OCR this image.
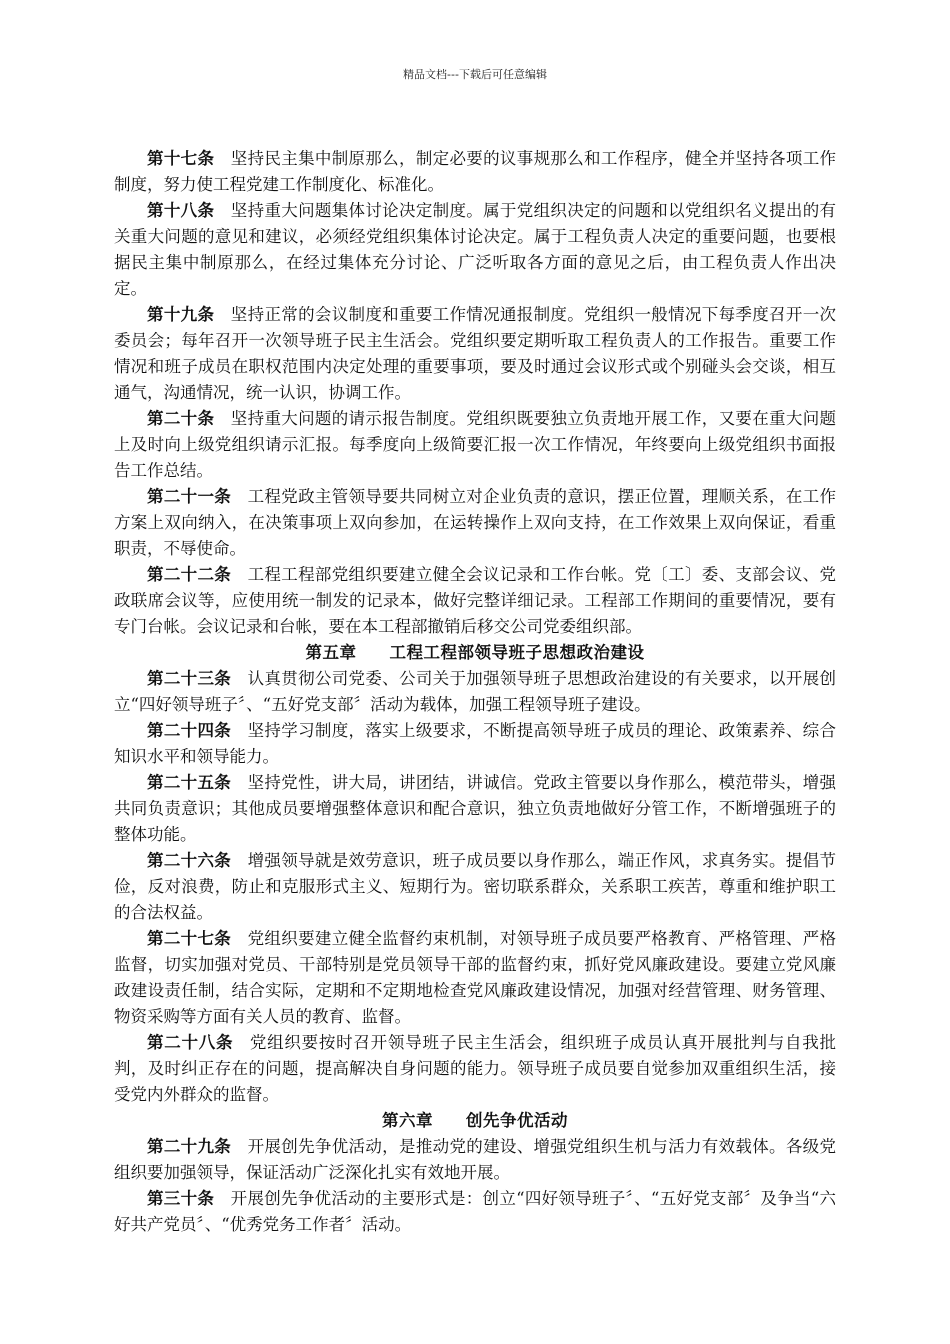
精品文档---下载后可任意编辑

第十七条 坚持民主集中制原那么，制定必要的议事规那么和工作程序，健全并坚持各项工作制度，努力使工程党建工作制度化、标准化。

第十八条 坚持重大问题集体讨论决定制度。属于党组织决定的问题和以党组织名义提出的有关重大问题的意见和建议，必须经党组织集体讨论决定。属于工程负责人决定的重要问题，也要根据民主集中制原那么，在经过集体充分讨论、广泛听取各方面的意见之后，由工程负责人作出决定。

第十九条 坚持正常的会议制度和重要工作情况通报制度。党组织一般情况下每季度召开一次委员会；每年召开一次领导班子民主生活会。党组织要定期听取工程负责人的工作报告。重要工作情况和班子成员在职权范围内决定处理的重要事项，要及时通过会议形式或个别碰头会交谈，相互通气，沟通情况，统一认识，协调工作。

第二十条 坚持重大问题的请示报告制度。党组织既要独立负责地开展工作，又要在重大问题上及时向上级党组织请示汇报。每季度向上级简要汇报一次工作情况，年终要向上级党组织书面报告工作总结。

第二十一条 工程党政主管领导要共同树立对企业负责的意识，摆正位置，理顺关系，在工作方案上双向纳入，在决策事项上双向参加，在运转操作上双向支持，在工作效果上双向保证，看重职责，不辱使命。

第二十二条 工程工程部党组织要建立健全会议记录和工作台帐。党〔工〕委、支部会议、党政联席会议等，应使用统一制发的记录本，做好完整详细记录。工程部工作期间的重要情况，要有专门台帐。会议记录和台帐，要在本工程部撤销后移交公司党委组织部。

第五章 工程工程部领导班子思想政治建设

第二十三条 认真贯彻公司党委、公司关于加强领导班子思想政治建设的有关要求，以开展创立“四好领导班子〞、“五好党支部〞活动为载体，加强工程领导班子建设。

第二十四条 坚持学习制度，落实上级要求，不断提高领导班子成员的理论、政策素养、综合知识水平和领导能力。

第二十五条 坚持党性，讲大局，讲团结，讲诚信。党政主管要以身作那么，模范带头，增强共同负责意识；其他成员要增强整体意识和配合意识，独立负责地做好分管工作，不断增强班子的整体功能。

第二十六条 增强领导就是效劳意识，班子成员要以身作那么，端正作风，求真务实。提倡节俭，反对浪费，防止和克服形式主义、短期行为。密切联系群众，关系职工疾苦，尊重和维护职工的合法权益。

第二十七条 党组织要建立健全监督约束机制，对领导班子成员要严格教育、严格管理、严格监督，切实加强对党员、干部特别是党员领导干部的监督约束，抓好党风廉政建设。要建立党风廉政建设责任制，结合实际，定期和不定期地检查党风廉政建设情况，加强对经营管理、财务管理、物资采购等方面有关人员的教育、监督。

第二十八条 党组织要按时召开领导班子民主生活会，组织班子成员认真开展批判与自我批判，及时纠正存在的问题，提高解决自身问题的能力。领导班子成员要自觉参加双重组织生活，接受党内外群众的监督。

第六章 创先争优活动

第二十九条 开展创先争优活动，是推动党的建设、增强党组织生机与活力有效载体。各级党组织要加强领导，保证活动广泛深化扎实有效地开展。

第三十条 开展创先争优活动的主要形式是：创立“四好领导班子〞、“五好党支部〞及争当“六好共产党员〞、“优秀党务工作者〞活动。
